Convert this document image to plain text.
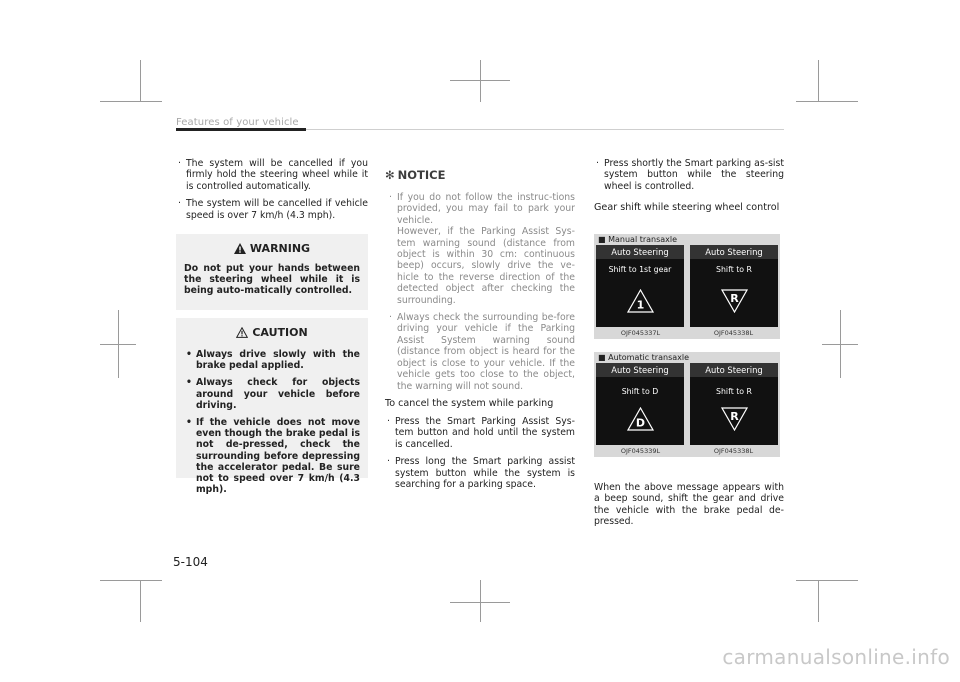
Features of your vehicle

· The system will be cancelled if you firmly hold the steering wheel while it is controlled automatically.

· The system will be cancelled if vehicle speed is over 7 km/h (4.3 mph).

WARNING

Do not put your hands between the steering wheel while it is being auto-matically controlled.

CAUTION

• Always drive slowly with the brake pedal applied.

• Always check for objects around your vehicle before driving.

• If the vehicle does not move even though the brake pedal is not de-pressed, check the surrounding before depressing the accelerator pedal. Be sure not to speed over 7 km/h (4.3 mph).

✻ NOTICE

· If you do not follow the instruc-tions provided, you may fail to park your vehicle.
However, if the Parking Assist Sys-tem warning sound (distance from object is within 30 cm: continuous beep) occurs, slowly drive the ve-hicle to the reverse direction of the detected object after checking the surrounding.

· Always check the surrounding be-fore driving your vehicle if the Parking Assist System warning sound (distance from object is heard for the object is close to your vehicle. If the vehicle gets too close to the object, the warning will not sound.

To cancel the system while parking

· Press the Smart Parking Assist Sys-tem button and hold until the system is cancelled.

· Press long the Smart parking assist system button while the system is searching for a parking space.

· Press shortly the Smart parking as-sist system button while the steering wheel is controlled.

Gear shift while steering wheel control
■ Manual transaxle
Auto Steering
Shift to 1st gear
1
Auto Steering
Shift to R
R
OJF045337L	OJF045338L
■ Automatic transaxle
Auto Steering
Shift to D
D
Auto Steering
Shift to R
R
OJF045339L	OJF045338L

When the above message appears with a beep sound, shift the gear and drive the vehicle with the brake pedal de-pressed.

5-104
carmanualsonline.info
